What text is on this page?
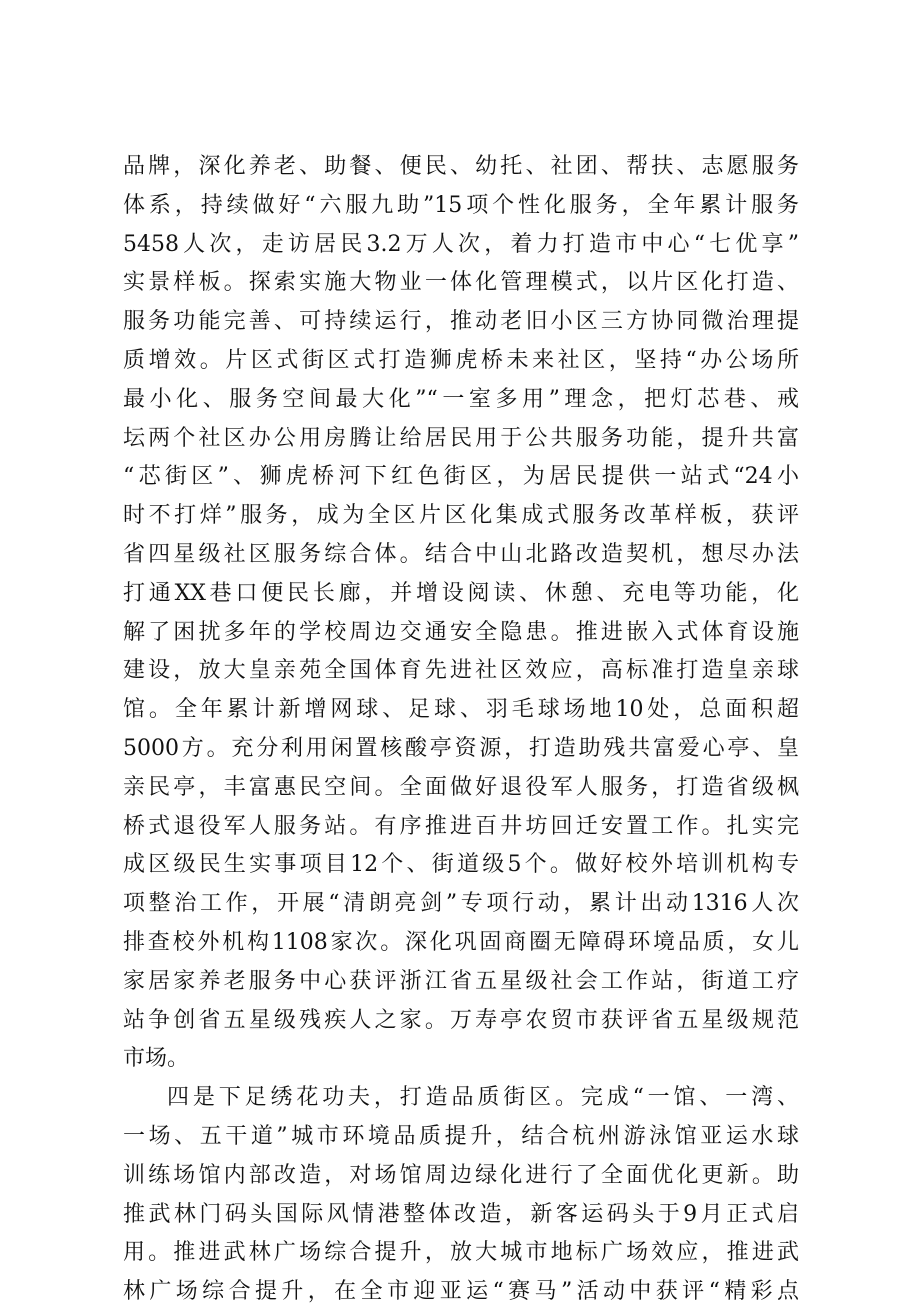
品牌，深化养老、助餐、便民、幼托、社团、帮扶、志愿服务
体系，持续做好“六服九助”15项个性化服务，全年累计服务
5458人次，走访居民3.2万人次，着力打造市中心“七优享”
实景样板。探索实施大物业一体化管理模式，以片区化打造、
服务功能完善、可持续运行，推动老旧小区三方协同微治理提
质增效。片区式街区式打造狮虎桥未来社区，坚持“办公场所
最小化、服务空间最大化”“一室多用”理念，把灯芯巷、戒
坛两个社区办公用房腾让给居民用于公共服务功能，提升共富
“芯街区”、狮虎桥河下红色街区，为居民提供一站式“24小
时不打烊”服务，成为全区片区化集成式服务改革样板，获评
省四星级社区服务综合体。结合中山北路改造契机，想尽办法
打通XX巷口便民长廊，并增设阅读、休憩、充电等功能，化
解了困扰多年的学校周边交通安全隐患。推进嵌入式体育设施
建设，放大皇亲苑全国体育先进社区效应，高标准打造皇亲球
馆。全年累计新增网球、足球、羽毛球场地10处，总面积超
5000方。充分利用闲置核酸亭资源，打造助残共富爱心亭、皇
亲民亭，丰富惠民空间。全面做好退役军人服务，打造省级枫
桥式退役军人服务站。有序推进百井坊回迁安置工作。扎实完
成区级民生实事项目12个、街道级5个。做好校外培训机构专
项整治工作，开展“清朗亮剑”专项行动，累计出动1316人次
排查校外机构1108家次。深化巩固商圈无障碍环境品质，女儿
家居家养老服务中心获评浙江省五星级社会工作站，街道工疗
站争创省五星级残疾人之家。万寿亭农贸市获评省五星级规范
市场。
四是下足绣花功夫，打造品质街区。完成“一馆、一湾、
一场、五干道”城市环境品质提升，结合杭州游泳馆亚运水球
训练场馆内部改造，对场馆周边绿化进行了全面优化更新。助
推武林门码头国际风情港整体改造，新客运码头于9月正式启
用。推进武林广场综合提升，放大城市地标广场效应，推进武
林广场综合提升，在全市迎亚运“赛马”活动中获评“精彩点
